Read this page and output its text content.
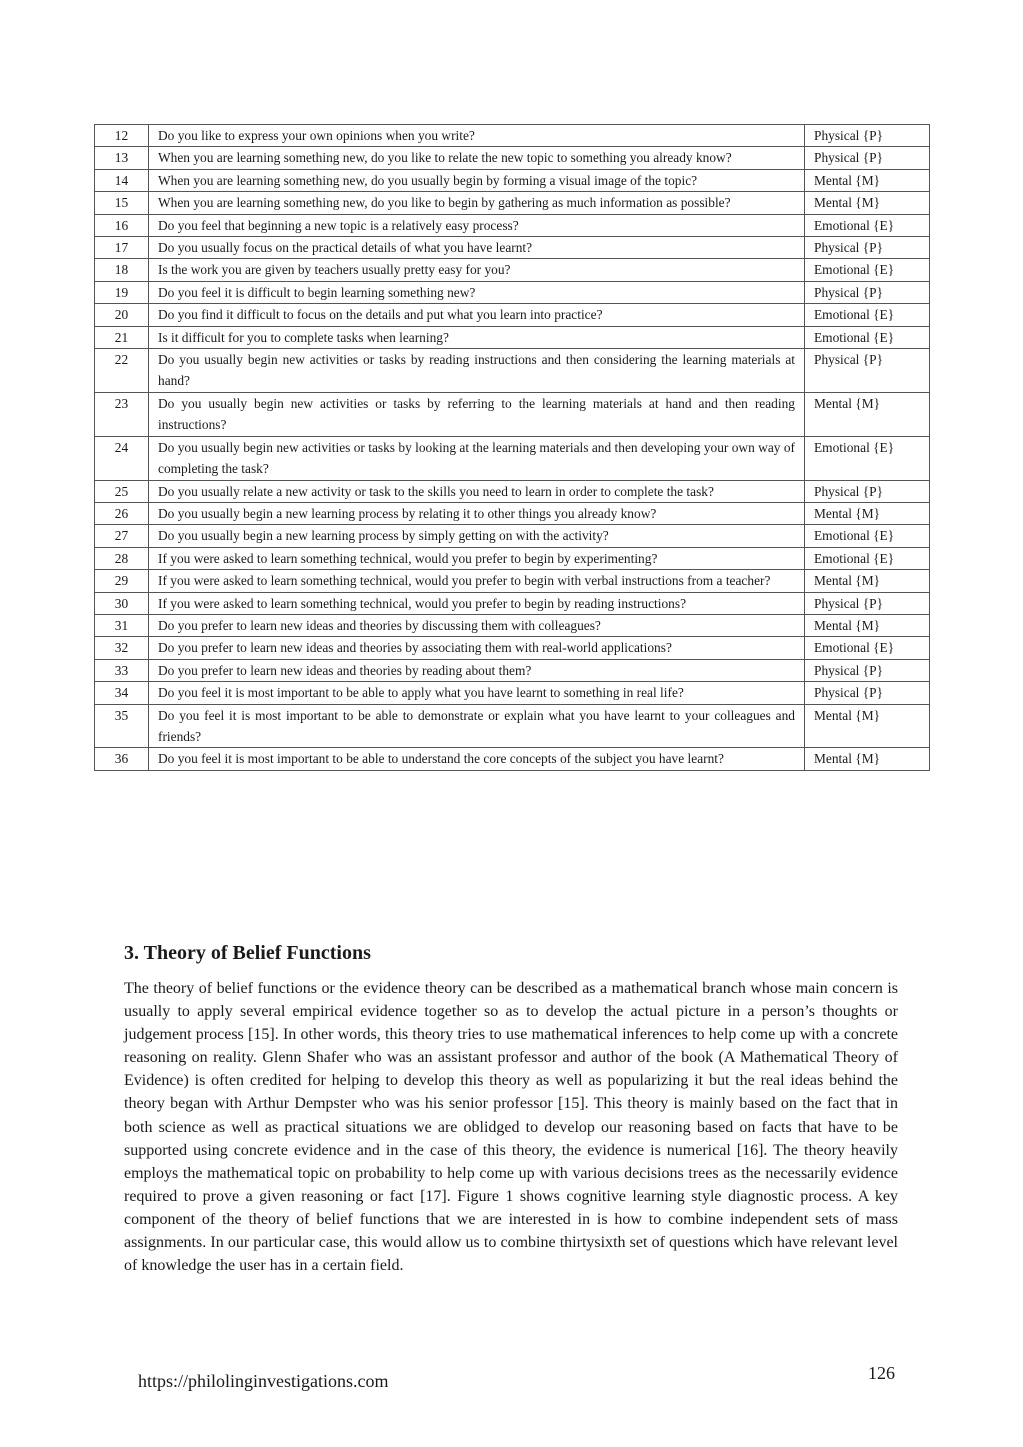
12	Do you like to express your own opinions when you write?	Physical {P}
13	When you are learning something new, do you like to relate the new topic to something you already know?	Physical {P}
14	When you are learning something new, do you usually begin by forming a visual image of the topic?	Mental {M}
15	When you are learning something new, do you like to begin by gathering as much information as possible?	Mental {M}
16	Do you feel that beginning a new topic is a relatively easy process?	Emotional {E}
17	Do you usually focus on the practical details of what you have learnt?	Physical {P}
18	Is the work you are given by teachers usually pretty easy for you?	Emotional {E}
19	Do you feel it is difficult to begin learning something new?	Physical {P}
20	Do you find it difficult to focus on the details and put what you learn into practice?	Emotional {E}
21	Is it difficult for you to complete tasks when learning?	Emotional {E}
22	Do you usually begin new activities or tasks by reading instructions and then considering the learning materials at hand?	Physical {P}
23	Do you usually begin new activities or tasks by referring to the learning materials at hand and then reading instructions?	Mental {M}
24	Do you usually begin new activities or tasks by looking at the learning materials and then developing your own way of completing the task?	Emotional {E}
25	Do you usually relate a new activity or task to the skills you need to learn in order to complete the task?	Physical {P}
26	Do you usually begin a new learning process by relating it to other things you already know?	Mental {M}
27	Do you usually begin a new learning process by simply getting on with the activity?	Emotional {E}
28	If you were asked to learn something technical, would you prefer to begin by experimenting?	Emotional {E}
29	If you were asked to learn something technical, would you prefer to begin with verbal instructions from a teacher?	Mental {M}
30	If you were asked to learn something technical, would you prefer to begin by reading instructions?	Physical {P}
31	Do you prefer to learn new ideas and theories by discussing them with colleagues?	Mental {M}
32	Do you prefer to learn new ideas and theories by associating them with real-world applications?	Emotional {E}
33	Do you prefer to learn new ideas and theories by reading about them?	Physical {P}
34	Do you feel it is most important to be able to apply what you have learnt to something in real life?	Physical {P}
35	Do you feel it is most important to be able to demonstrate or explain what you have learnt to your colleagues and friends?	Mental {M}
36	Do you feel it is most important to be able to understand the core concepts of the subject you have learnt?	Mental {M}
3. Theory of Belief Functions

The theory of belief functions or the evidence theory can be described as a mathematical branch whose main concern is usually to apply several empirical evidence together so as to develop the actual picture in a person’s thoughts or judgement process [15]. In other words, this theory tries to use mathematical inferences to help come up with a concrete reasoning on reality. Glenn Shafer who was an assistant professor and author of the book (A Mathematical Theory of Evidence) is often credited for helping to develop this theory as well as popularizing it but the real ideas behind the theory began with Arthur Dempster who was his senior professor [15]. This theory is mainly based on the fact that in both science as well as practical situations we are oblidged to develop our reasoning based on facts that have to be supported using concrete evidence and in the case of this theory, the evidence is numerical [16]. The theory heavily employs the mathematical topic on probability to help come up with various decisions trees as the necessarily evidence required to prove a given reasoning or fact [17]. Figure 1 shows cognitive learning style diagnostic process. A key component of the theory of belief functions that we are interested in is how to combine independent sets of mass assignments. In our particular case, this would allow us to combine thirtysixth set of questions which have relevant level of knowledge the user has in a certain field.

https://philolinginvestigations.com	126
